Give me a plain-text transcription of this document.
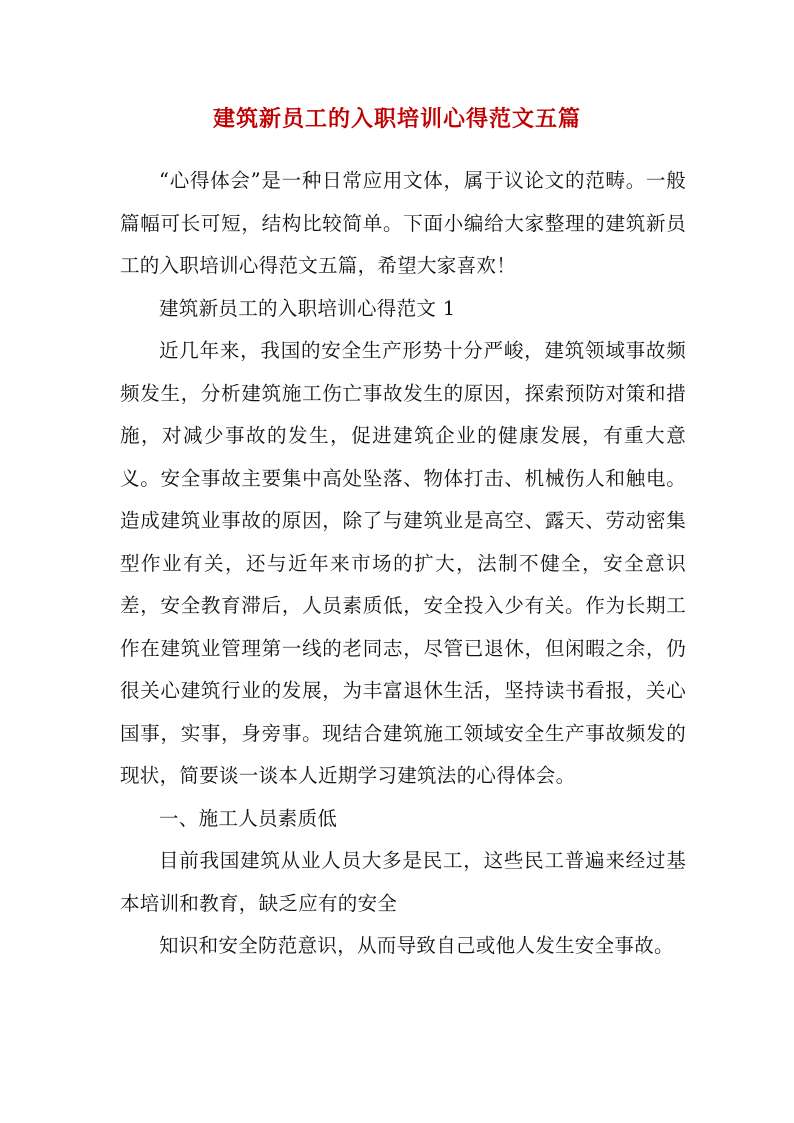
建筑新员工的入职培训心得范文五篇

“心得体会”是一种日常应用文体，属于议论文的范畴。一般篇幅可长可短，结构比较简单。下面小编给大家整理的建筑新员工的入职培训心得范文五篇，希望大家喜欢！

建筑新员工的入职培训心得范文 1

近几年来，我国的安全生产形势十分严峻，建筑领域事故频频发生，分析建筑施工伤亡事故发生的原因，探索预防对策和措施，对减少事故的发生，促进建筑企业的健康发展，有重大意义。安全事故主要集中高处坠落、物体打击、机械伤人和触电。造成建筑业事故的原因，除了与建筑业是高空、露天、劳动密集型作业有关，还与近年来市场的扩大，法制不健全，安全意识差，安全教育滞后，人员素质低，安全投入少有关。作为长期工作在建筑业管理第一线的老同志，尽管已退休，但闲暇之余，仍很关心建筑行业的发展，为丰富退休生活，坚持读书看报，关心国事，实事，身旁事。现结合建筑施工领域安全生产事故频发的现状，简要谈一谈本人近期学习建筑法的心得体会。

一、施工人员素质低

目前我国建筑从业人员大多是民工，这些民工普遍来经过基本培训和教育，缺乏应有的安全

知识和安全防范意识，从而导致自己或他人发生安全事故。
